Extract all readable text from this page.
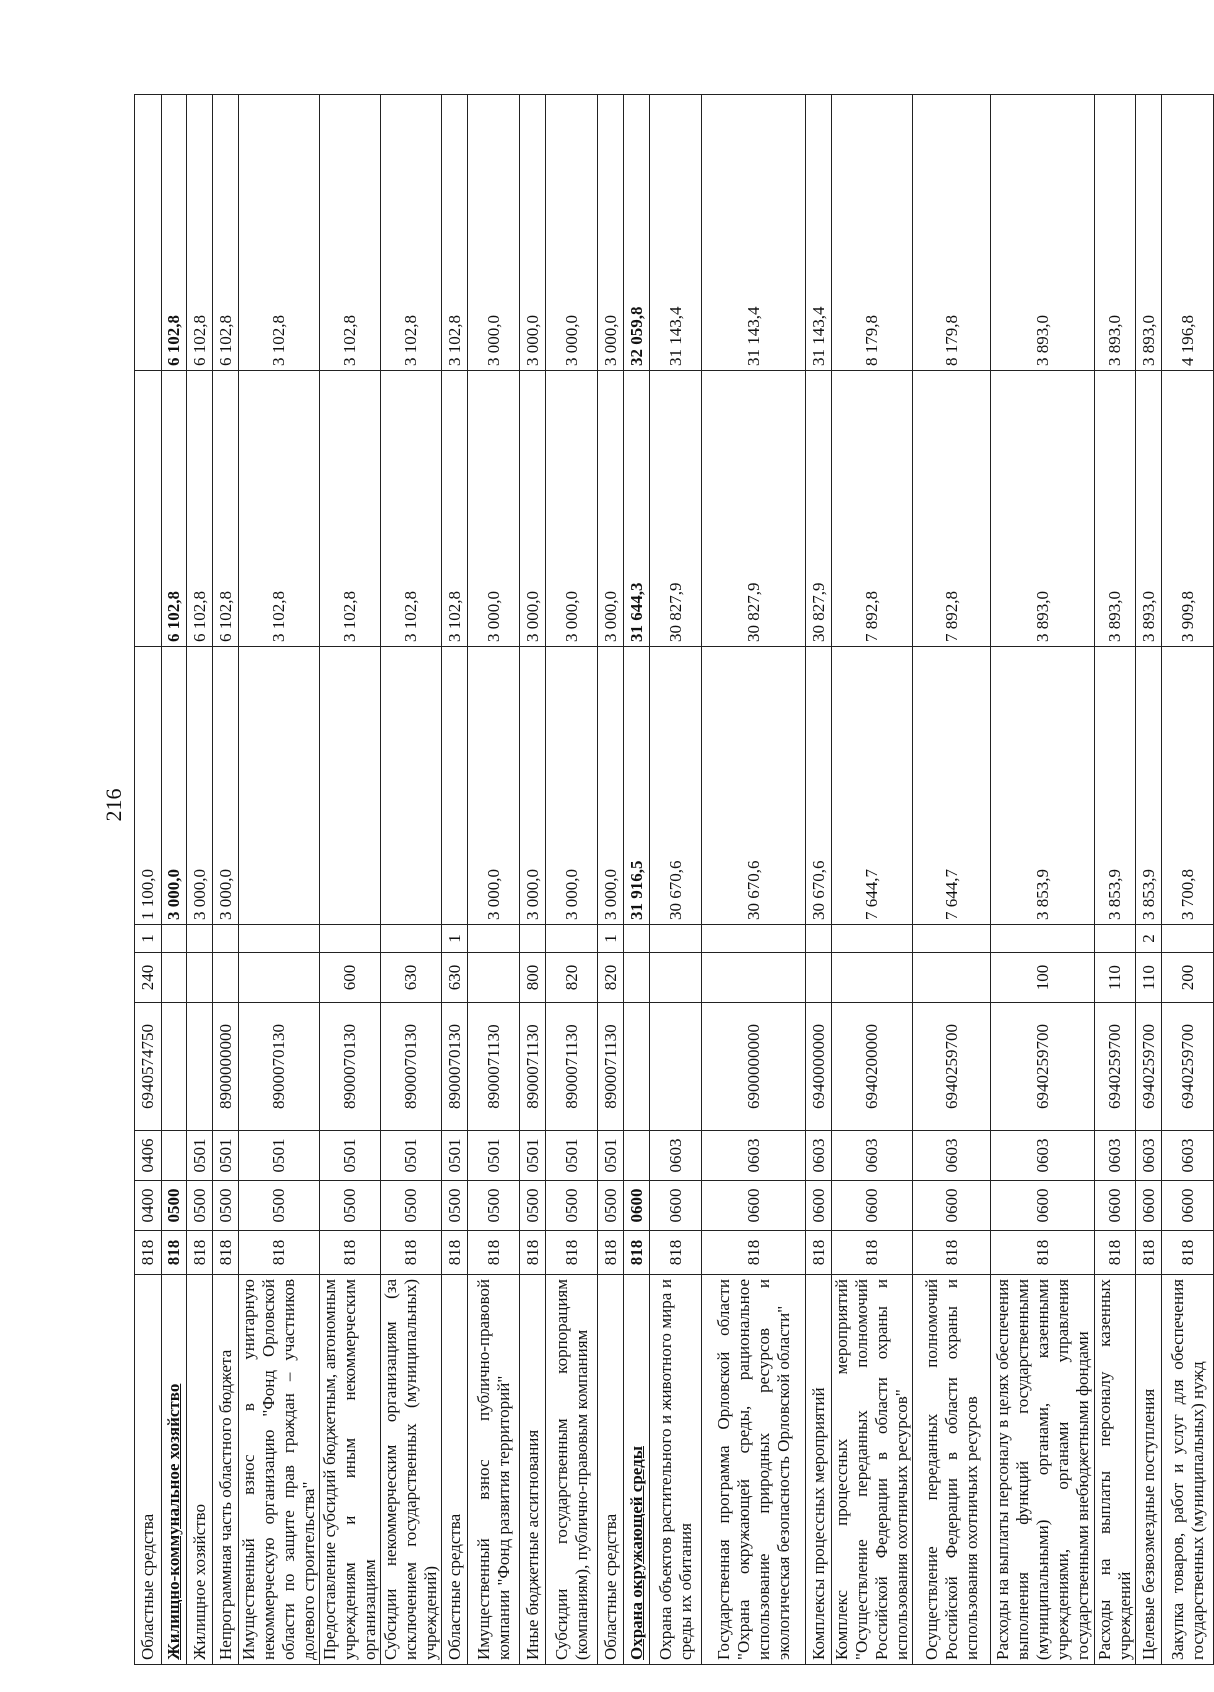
216
Областные средства	818	0400	0406	6940574750	240	1	1 100,0		
Жилищно-коммунальное хозяйство	818	0500					3 000,0	6 102,8	6 102,8
Жилищное хозяйство	818	0500	0501				3 000,0	6 102,8	6 102,8
Непрограммная часть областного бюджета	818	0500	0501	8900000000			3 000,0	6 102,8	6 102,8
Имущественный взнос в унитарную некоммерческую организацию "Фонд Орловской области по защите прав граждан – участников долевого строительства"	818	0500	0501	8900070130				3 102,8	3 102,8
Предоставление субсидий бюджетным, автономным учреждениям и иным некоммерческим организациям	818	0500	0501	8900070130	600			3 102,8	3 102,8
Субсидии некоммерческим организациям (за исключением государственных (муниципальных) учреждений)	818	0500	0501	8900070130	630			3 102,8	3 102,8
Областные средства	818	0500	0501	8900070130	630	1		3 102,8	3 102,8
Имущественный взнос публично-правовой компании "Фонд развития территорий"	818	0500	0501	8900071130			3 000,0	3 000,0	3 000,0
Иные бюджетные ассигнования	818	0500	0501	8900071130	800		3 000,0	3 000,0	3 000,0
Субсидии государственным корпорациям (компаниям), публично-правовым компаниям	818	0500	0501	8900071130	820		3 000,0	3 000,0	3 000,0
Областные средства	818	0500	0501	8900071130	820	1	3 000,0	3 000,0	3 000,0
Охрана окружающей среды	818	0600					31 916,5	31 644,3	32 059,8
Охрана объектов растительного и животного мира и среды их обитания	818	0600	0603				30 670,6	30 827,9	31 143,4
Государственная программа Орловской области "Охрана окружающей среды, рациональное использование природных ресурсов и экологическая безопасность Орловской области"	818	0600	0603	6900000000			30 670,6	30 827,9	31 143,4
Комплексы процессных мероприятий	818	0600	0603	6940000000			30 670,6	30 827,9	31 143,4
Комплекс процессных мероприятий "Осуществление переданных полномочий Российской Федерации в области охраны и использования охотничьих ресурсов"	818	0600	0603	6940200000			7 644,7	7 892,8	8 179,8
Осуществление переданных полномочий Российской Федерации в области охраны и использования охотничьих ресурсов	818	0600	0603	6940259700			7 644,7	7 892,8	8 179,8
Расходы на выплаты персоналу в целях обеспечения выполнения функций государственными (муниципальными) органами, казенными учреждениями, органами управления государственными внебюджетными фондами	818	0600	0603	6940259700	100		3 853,9	3 893,0	3 893,0
Расходы на выплаты персоналу казенных учреждений	818	0600	0603	6940259700	110		3 853,9	3 893,0	3 893,0
Целевые безвозмездные поступления	818	0600	0603	6940259700	110	2	3 853,9	3 893,0	3 893,0
Закупка товаров, работ и услуг для обеспечения государственных (муниципальных) нужд	818	0600	0603	6940259700	200		3 700,8	3 909,8	4 196,8
